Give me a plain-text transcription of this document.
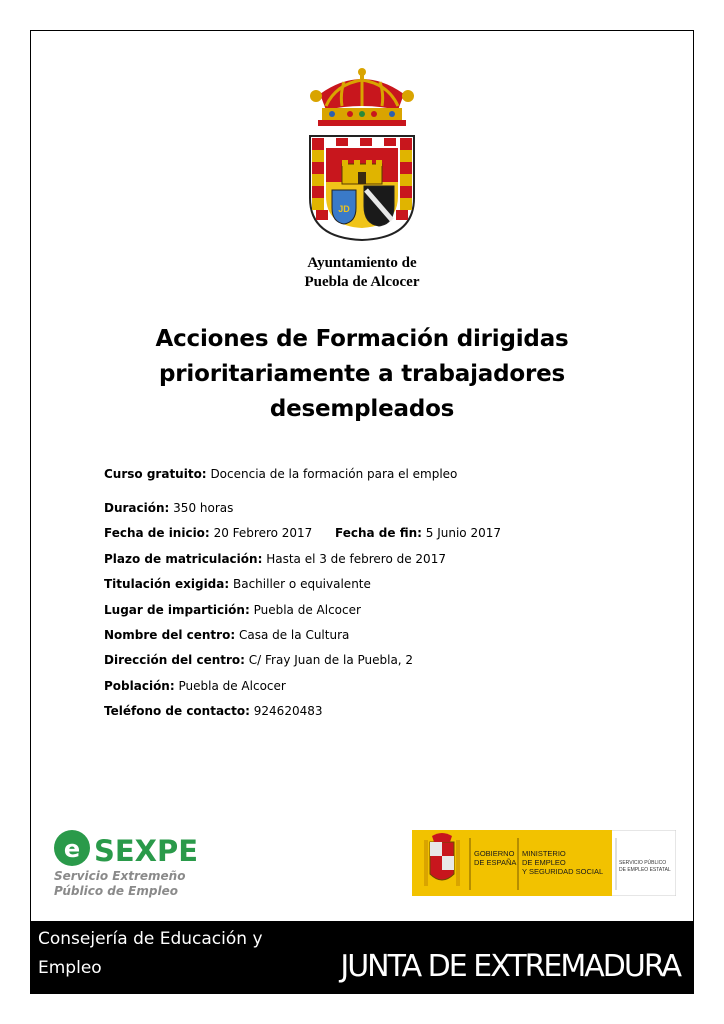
JD
Ayuntamiento de
Puebla de Alcocer
Acciones de Formación dirigidas
prioritariamente a trabajadores
desempleados
Curso gratuito: Docencia de la formación para el empleo
Duración: 350 horas
Fecha de inicio: 20 Febrero 2017 Fecha de fin: 5 Junio 2017
Plazo de matriculación: Hasta el 3 de febrero de 2017
Titulación exigida: Bachiller o equivalente
Lugar de impartición: Puebla de Alcocer
Nombre del centro: Casa de la Cultura
Dirección del centro: C/ Fray Juan de la Puebla, 2
Población: Puebla de Alcocer
Teléfono de contacto: 924620483
e SEXPE
Servicio Extremeño
Público de Empleo
GOBIERNO
DE ESPAÑA
MINISTERIO
DE EMPLEO
Y SEGURIDAD SOCIAL
SERVICIO PÚBLICO
DE EMPLEO ESTATAL
Consejería de Educación y Empleo	JUNTA DE EXTREMADURA
